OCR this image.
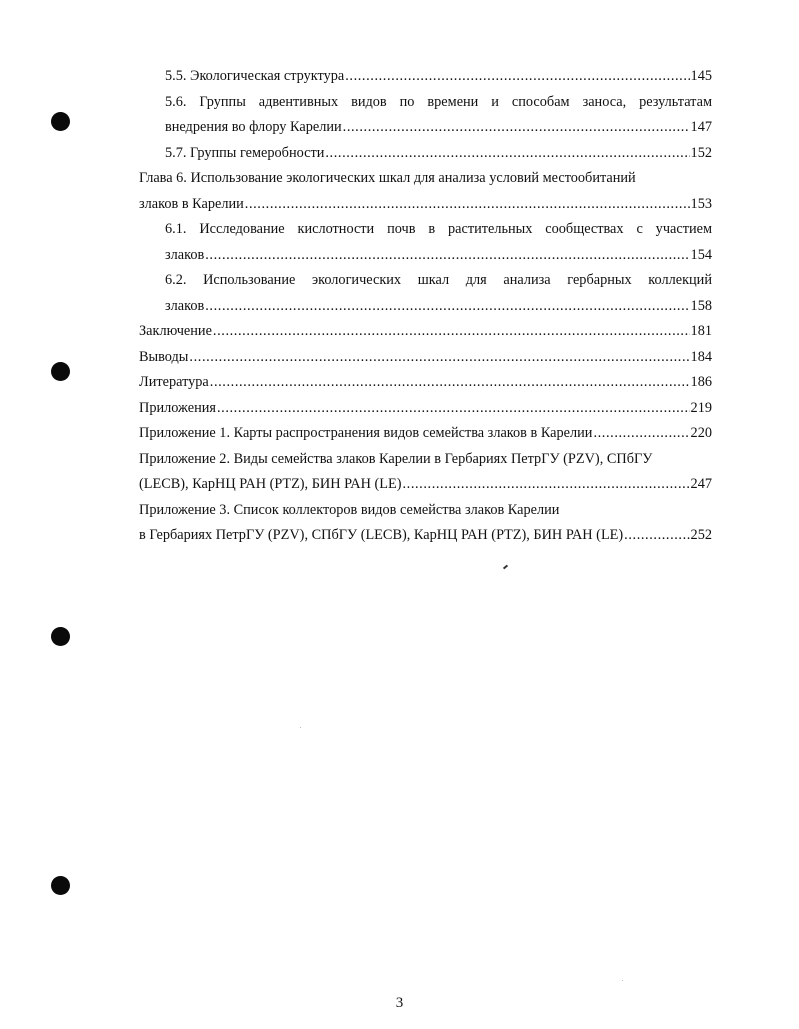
5.5. Экологическая структура .....	145
5.6. Группы адвентивных видов по времени и способам заноса, результатам
внедрения во флору Карелии .....	147
5.7. Группы гемеробности .....	152
Глава 6. Использование экологических шкал для анализа условий местообитаний
злаков в Карелии .....	153
6.1. Исследование кислотности почв в растительных сообществах с участием
злаков .....	154
6.2. Использование экологических шкал для анализа гербарных коллекций
злаков .....	158
Заключение .....	181
Выводы .....	184
Литература .....	186
Приложения .....	219
Приложение 1. Карты распространения видов семейства злаков в Карелии .....	220
Приложение 2. Виды семейства злаков Карелии в Гербариях ПетрГУ (PZV), СПбГУ
(LECB), КарНЦ РАН (PTZ), БИН РАН (LE) .....	247
Приложение 3. Список коллекторов видов семейства злаков Карелии
в Гербариях ПетрГУ (PZV), СПбГУ (LECB), КарНЦ РАН (PTZ), БИН РАН (LE) .....	252
3
